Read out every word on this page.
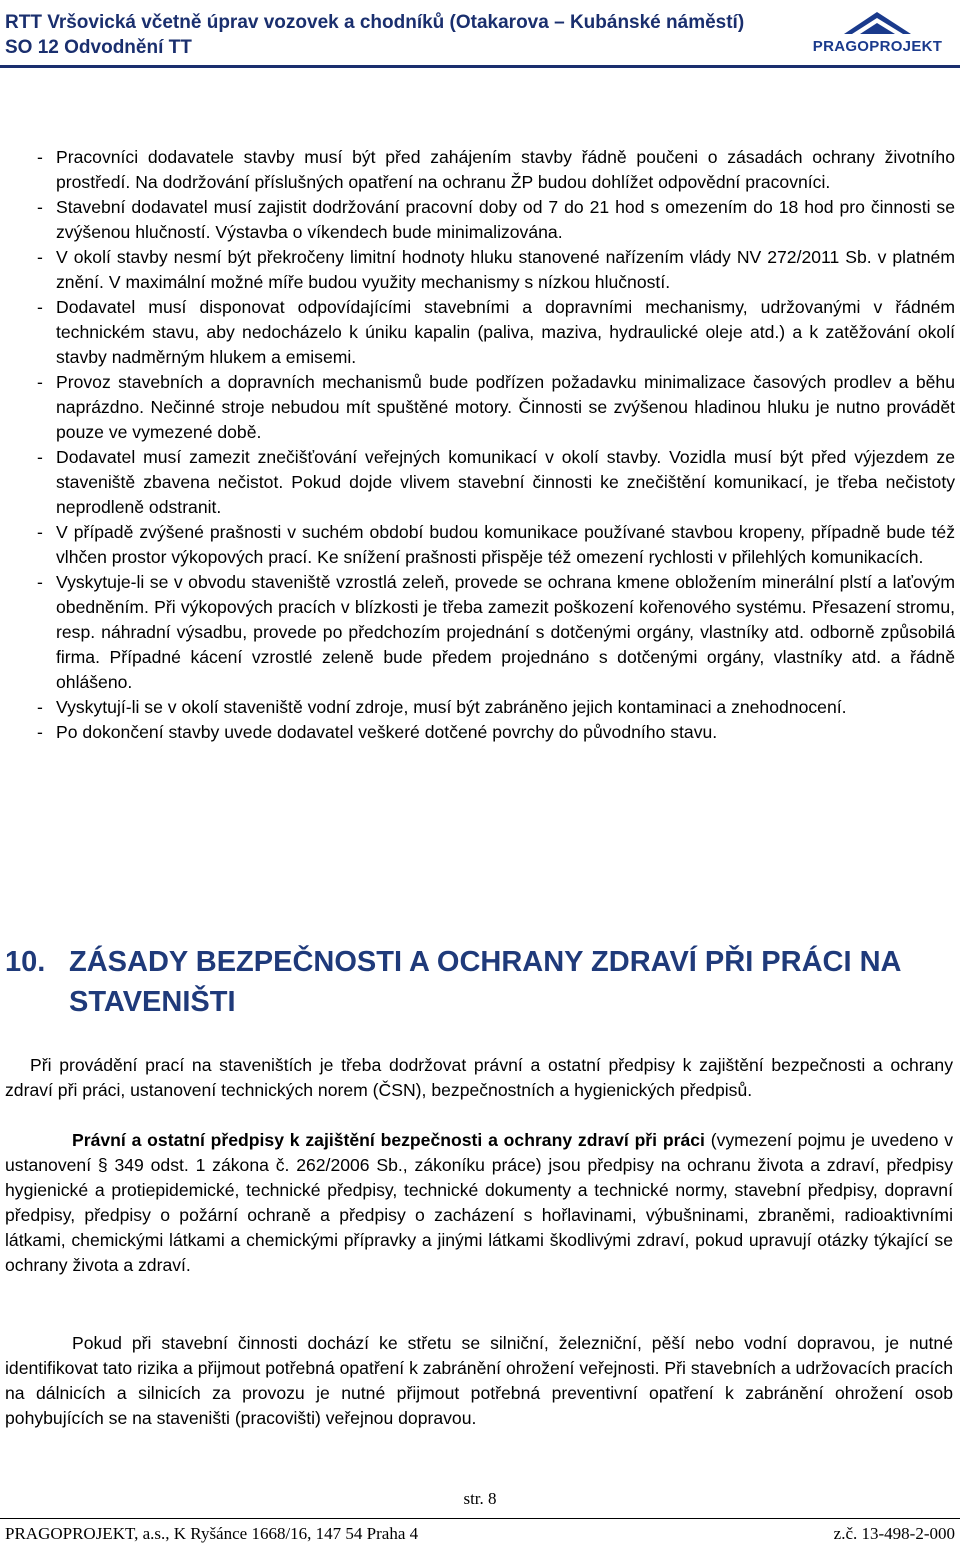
RTT Vršovická včetně úprav vozovek a chodníků (Otakarova – Kubánské náměstí)
SO 12 Odvodnění TT	PRAGOPROJEKT
- Pracovníci dodavatele stavby musí být před zahájením stavby řádně poučeni o zásadách ochrany životního prostředí. Na dodržování příslušných opatření na ochranu ŽP budou dohlížet odpovědní pracovníci.
- Stavební dodavatel musí zajistit dodržování pracovní doby od 7 do 21 hod s omezením do 18 hod pro činnosti se zvýšenou hlučností. Výstavba o víkendech bude minimalizována.
- V okolí stavby nesmí být překročeny limitní hodnoty hluku stanovené nařízením vlády NV 272/2011 Sb. v platném znění. V maximální možné míře budou využity mechanismy s nízkou hlučností.
- Dodavatel musí disponovat odpovídajícími stavebními a dopravními mechanismy, udržovanými v řádném technickém stavu, aby nedocházelo k úniku kapalin (paliva, maziva, hydraulické oleje atd.) a k zatěžování okolí stavby nadměrným hlukem a emisemi.
- Provoz stavebních a dopravních mechanismů bude podřízen požadavku minimalizace časových prodlev a běhu naprázdno. Nečinné stroje nebudou mít spuštěné motory. Činnosti se zvýšenou hladinou hluku je nutno provádět pouze ve vymezené době.
- Dodavatel musí zamezit znečišťování veřejných komunikací v okolí stavby. Vozidla musí být před výjezdem ze staveniště zbavena nečistot. Pokud dojde vlivem stavební činnosti ke znečištění komunikací, je třeba nečistoty neprodleně odstranit.
- V případě zvýšené prašnosti v suchém období budou komunikace používané stavbou kropeny, případně bude též vlhčen prostor výkopových prací. Ke snížení prašnosti přispěje též omezení rychlosti v přilehlých komunikacích.
- Vyskytuje-li se v obvodu staveniště vzrostlá zeleň, provede se ochrana kmene obložením minerální plstí a laťovým obedněním. Při výkopových pracích v blízkosti je třeba zamezit poškození kořenového systému. Přesazení stromu, resp. náhradní výsadbu, provede po předchozím projednání s dotčenými orgány, vlastníky atd. odborně způsobilá firma. Případné kácení vzrostlé zeleně bude předem projednáno s dotčenými orgány, vlastníky atd. a řádně ohlášeno.
- Vyskytují-li se v okolí staveniště vodní zdroje, musí být zabráněno jejich kontaminaci a znehodnocení.
- Po dokončení stavby uvede dodavatel veškeré dotčené povrchy do původního stavu.
10. ZÁSADY BEZPEČNOSTI A OCHRANY ZDRAVÍ PŘI PRÁCI NA STAVENIŠTI

Při provádění prací na staveništích je třeba dodržovat právní a ostatní předpisy k zajištění bezpečnosti a ochrany zdraví při práci, ustanovení technických norem (ČSN), bezpečnostních a hygienických předpisů.

Právní a ostatní předpisy k zajištění bezpečnosti a ochrany zdraví při práci (vymezení pojmu je uvedeno v ustanovení § 349 odst. 1 zákona č. 262/2006 Sb., zákoníku práce) jsou předpisy na ochranu života a zdraví, předpisy hygienické a protiepidemické, technické předpisy, technické dokumenty a technické normy, stavební předpisy, dopravní předpisy, předpisy o požární ochraně a předpisy o zacházení s hořlavinami, výbušninami, zbraněmi, radioaktivními látkami, chemickými látkami a chemickými přípravky a jinými látkami škodlivými zdraví, pokud upravují otázky týkající se ochrany života a zdraví.

Pokud při stavební činnosti dochází ke střetu se silniční, železniční, pěší nebo vodní dopravou, je nutné identifikovat tato rizika a přijmout potřebná opatření k zabránění ohrožení veřejnosti. Při stavebních a udržovacích pracích na dálnicích a silnicích za provozu je nutné přijmout potřebná preventivní opatření k zabránění ohrožení osob pohybujících se na staveništi (pracovišti) veřejnou dopravou.

str. 8
PRAGOPROJEKT, a.s., K Ryšánce 1668/16, 147 54 Praha 4	z.č. 13-498-2-000
